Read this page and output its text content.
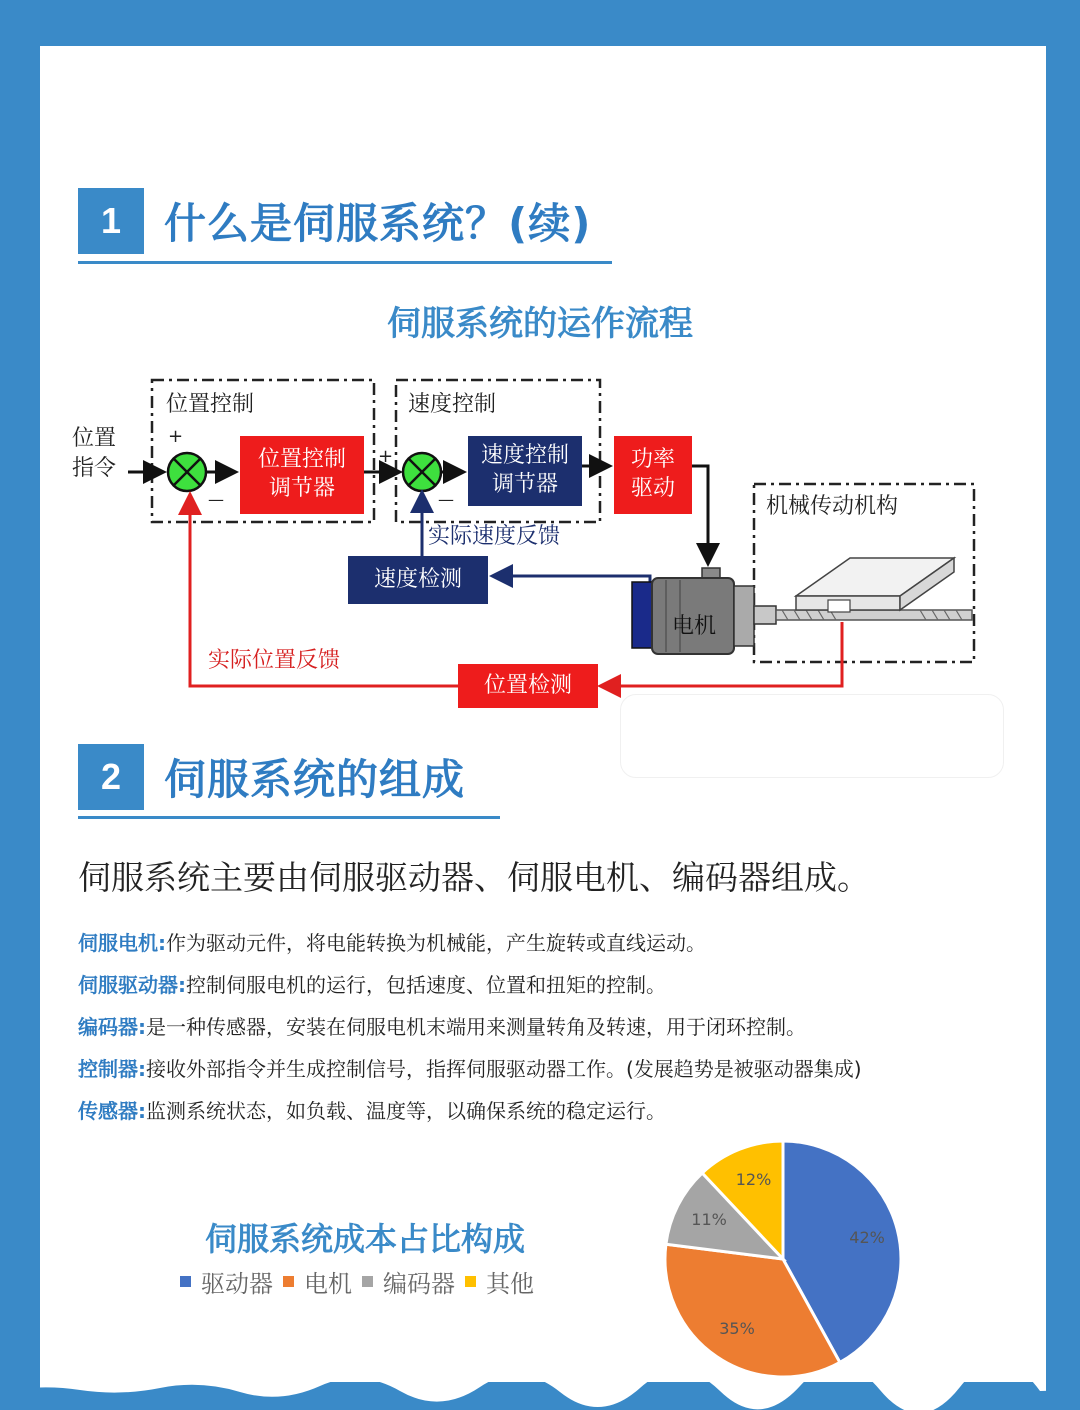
1	什么是伺服系统？(续)
伺服系统的运作流程
位置控制	速度控制
位置
指令
+
—
+
—
位置控制
调节器
速度控制
调节器
功率
驱动
机械传动机构
电机
实际速度反馈
速度检测
实际位置反馈
位置检测
2	伺服系统的组成
伺服系统主要由伺服驱动器、伺服电机、编码器组成。
伺服电机:作为驱动元件，将电能转换为机械能，产生旋转或直线运动。
伺服驱动器:控制伺服电机的运行，包括速度、位置和扭矩的控制。
编码器:是一种传感器，安装在伺服电机末端用来测量转角及转速，用于闭环控制。
控制器:接收外部指令并生成控制信号，指挥伺服驱动器工作。(发展趋势是被驱动器集成)
传感器:监测系统状态，如负载、温度等，以确保系统的稳定运行。
伺服系统成本占比构成
驱动器 电机 编码器 其他
42%
35%
11%
12%
